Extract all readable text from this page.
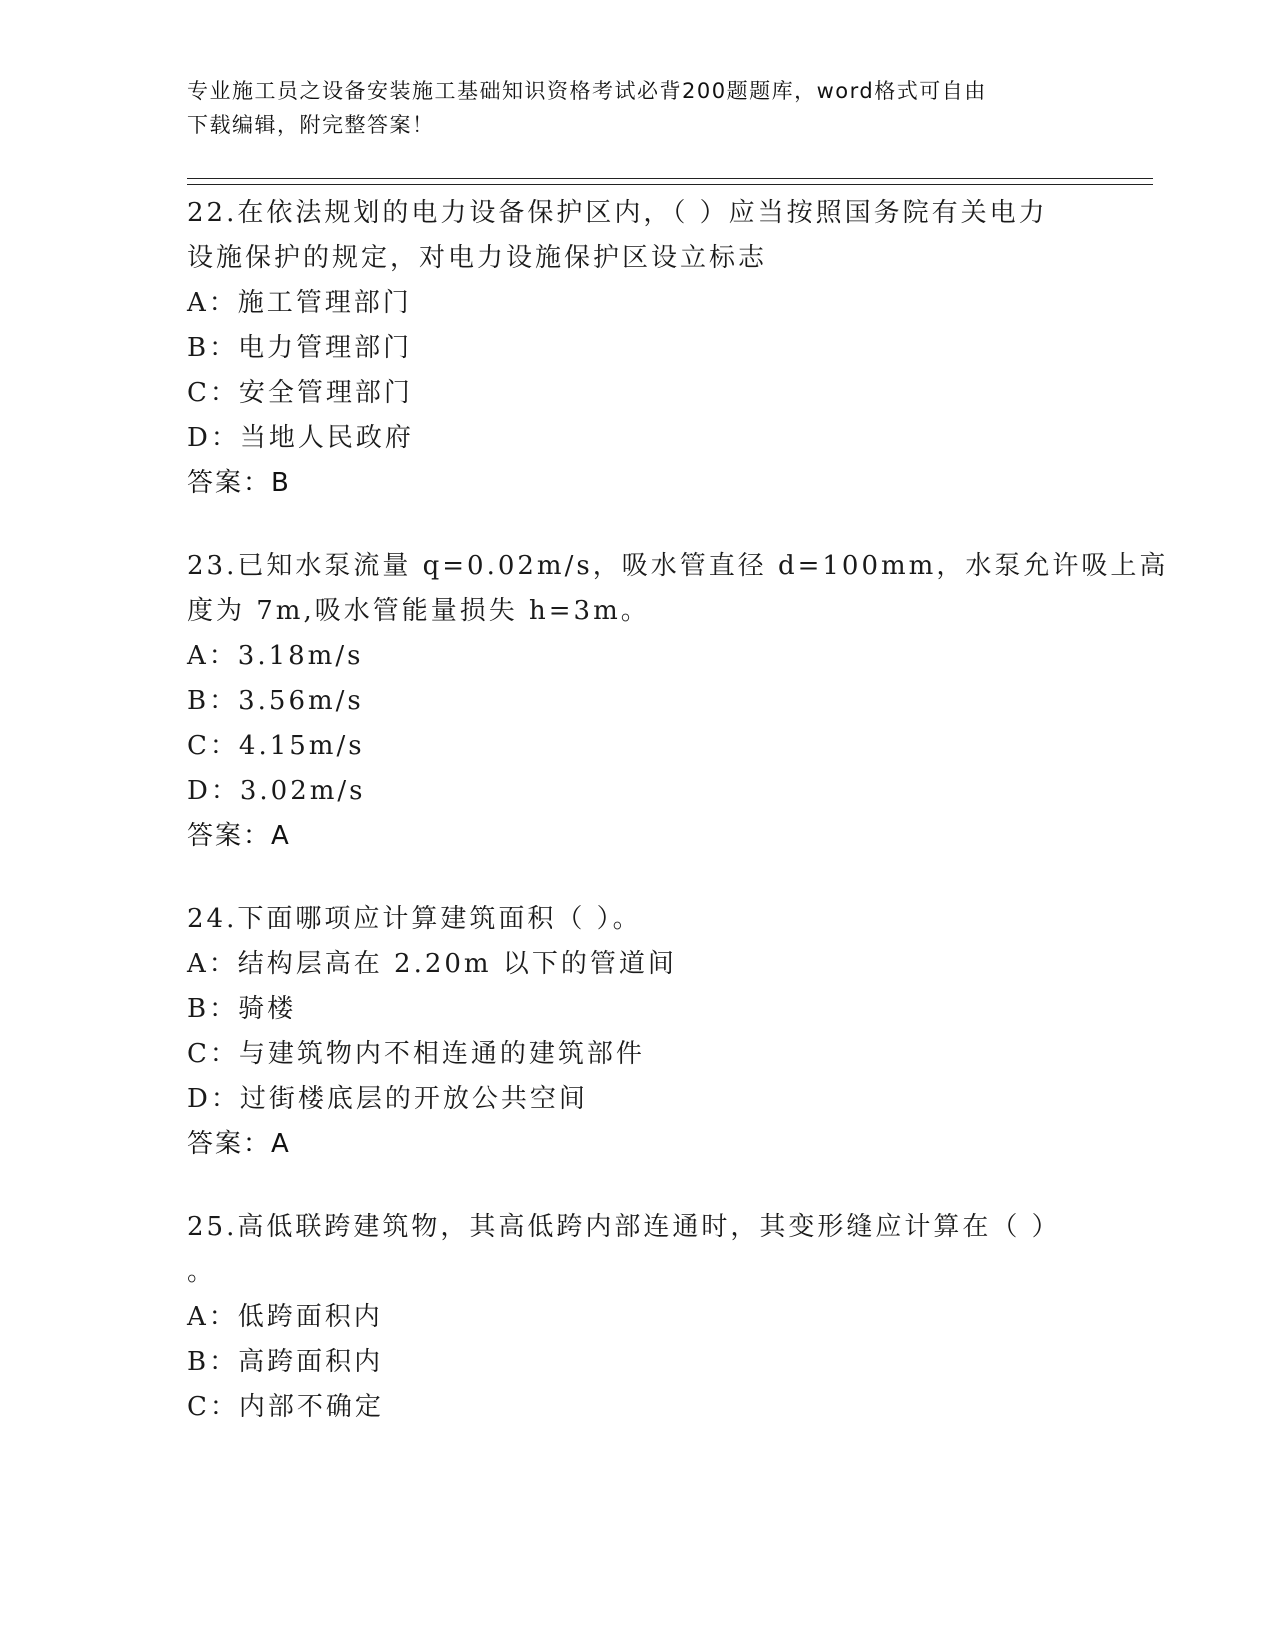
专业施工员之设备安装施工基础知识资格考试必背200题题库，word格式可自由
下载编辑，附完整答案！
22.在依法规划的电力设备保护区内，（ ）应当按照国务院有关电力
设施保护的规定，对电力设施保护区设立标志
A：施工管理部门
B：电力管理部门
C：安全管理部门
D：当地人民政府
答案：B
23.已知水泵流量 q=0.02m/s，吸水管直径 d=100mm，水泵允许吸上高
度为 7m,吸水管能量损失 h=3m。
A：3.18m/s
B：3.56m/s
C：4.15m/s
D：3.02m/s
答案：A
24.下面哪项应计算建筑面积（ ）。
A：结构层高在 2.20m 以下的管道间
B：骑楼
C：与建筑物内不相连通的建筑部件
D：过街楼底层的开放公共空间
答案：A
25.高低联跨建筑物，其高低跨内部连通时，其变形缝应计算在（ ）
。
A：低跨面积内
B：高跨面积内
C：内部不确定
